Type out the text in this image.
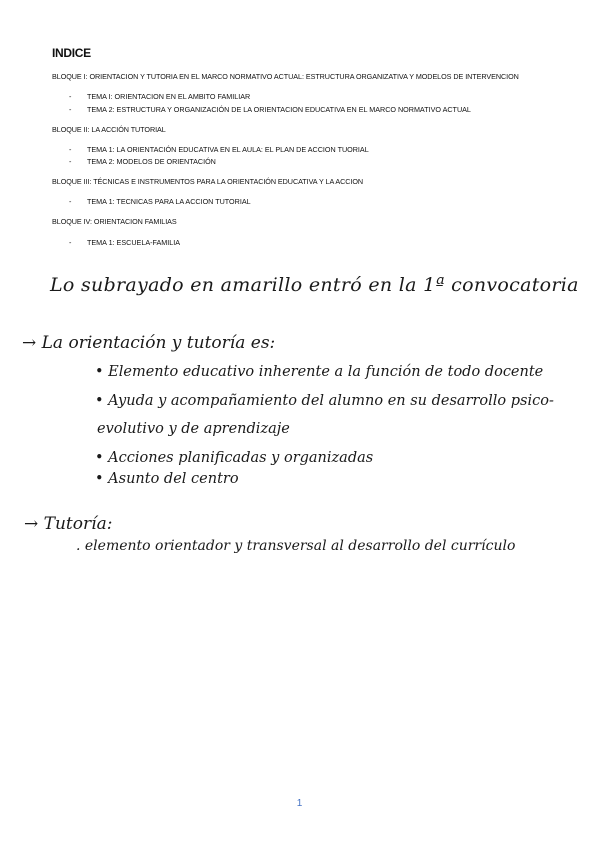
INDICE
BLOQUE I: ORIENTACION Y TUTORIA EN EL MARCO NORMATIVO ACTUAL: ESTRUCTURA ORGANIZATIVA Y MODELOS DE INTERVENCION
- TEMA I: ORIENTACION EN EL AMBITO FAMILIAR
- TEMA 2: ESTRUCTURA Y ORGANIZACIÓN DE LA ORIENTACION EDUCATIVA EN EL MARCO NORMATIVO ACTUAL
BLOQUE II: LA ACCIÓN TUTORIAL
- TEMA 1: LA ORIENTACIÓN EDUCATIVA EN EL AULA: EL PLAN DE ACCION TUORIAL
- TEMA 2: MODELOS DE ORIENTACIÓN
BLOQUE III: TÉCNICAS E INSTRUMENTOS PARA LA ORIENTACIÓN EDUCATIVA Y LA ACCION
- TEMA 1: TECNICAS PARA LA ACCION TUTORIAL
BLOQUE IV: ORIENTACION FAMILIAS
- TEMA 1: ESCUELA-FAMILIA
Lo subrayado en amarillo entró en la 1ª convocatoria
→ La orientación y tutoría es:
• Elemento educativo inherente a la función de todo docente
• Ayuda y acompañamiento del alumno en su desarrollo psico-
evolutivo y de aprendizaje
• Acciones planificadas y organizadas
• Asunto del centro
→ Tutoría:
. elemento orientador y transversal al desarrollo del currículo
1
